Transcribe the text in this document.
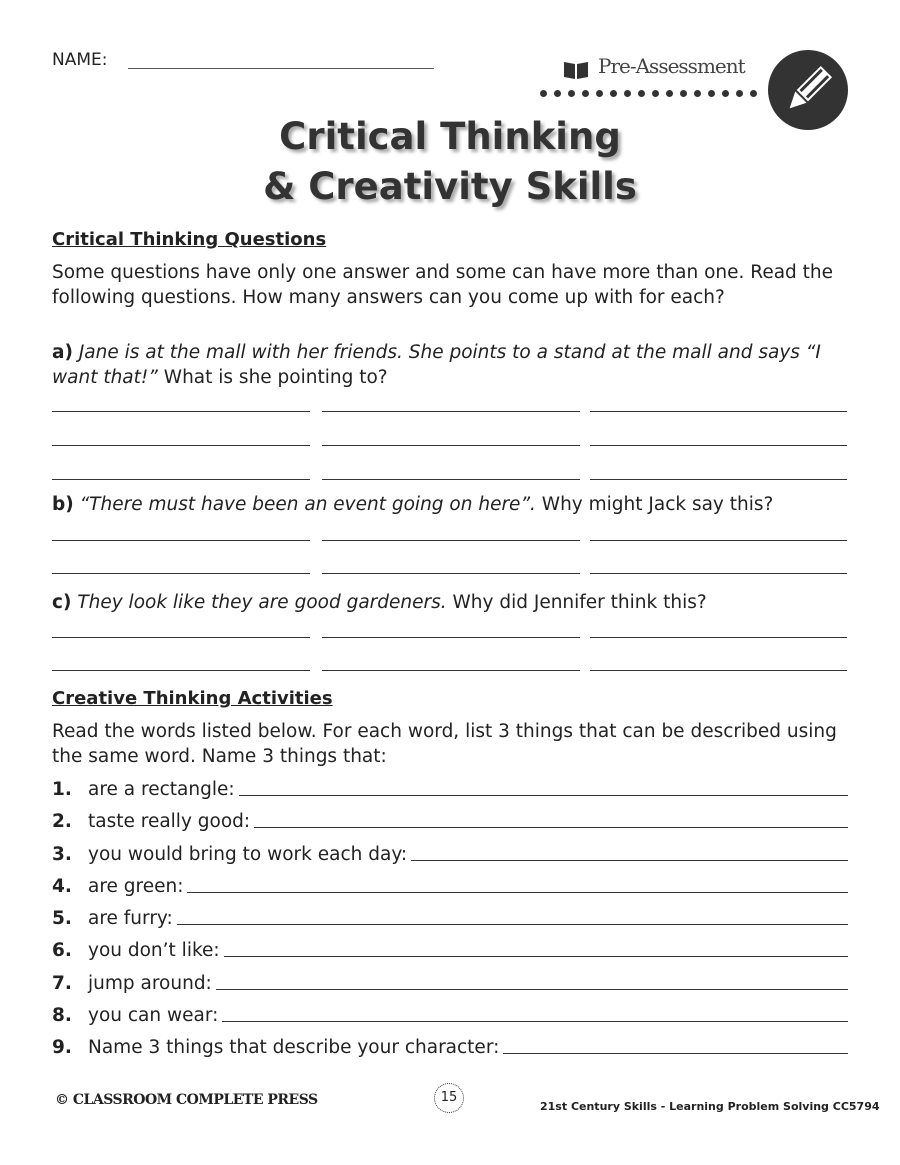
NAME:	Pre-Assessment
Critical Thinking
& Creativity Skills
Critical Thinking Questions
Some questions have only one answer and some can have more than one. Read the following questions. How many answers can you come up with for each?
a) Jane is at the mall with her friends. She points to a stand at the mall and says “I want that!” What is she pointing to?
b) “There must have been an event going on here”. Why might Jack say this?
c) They look like they are good gardeners. Why did Jennifer think this?
Creative Thinking Activities
Read the words listed below. For each word, list 3 things that can be described using the same word. Name 3 things that:
1. are a rectangle:
2. taste really good:
3. you would bring to work each day:
4. are green:
5. are furry:
6. you don’t like:
7. jump around:
8. you can wear:
9. Name 3 things that describe your character:
© CLASSROOM COMPLETE PRESS	15
21st Century Skills - Learning Problem Solving CC5794
